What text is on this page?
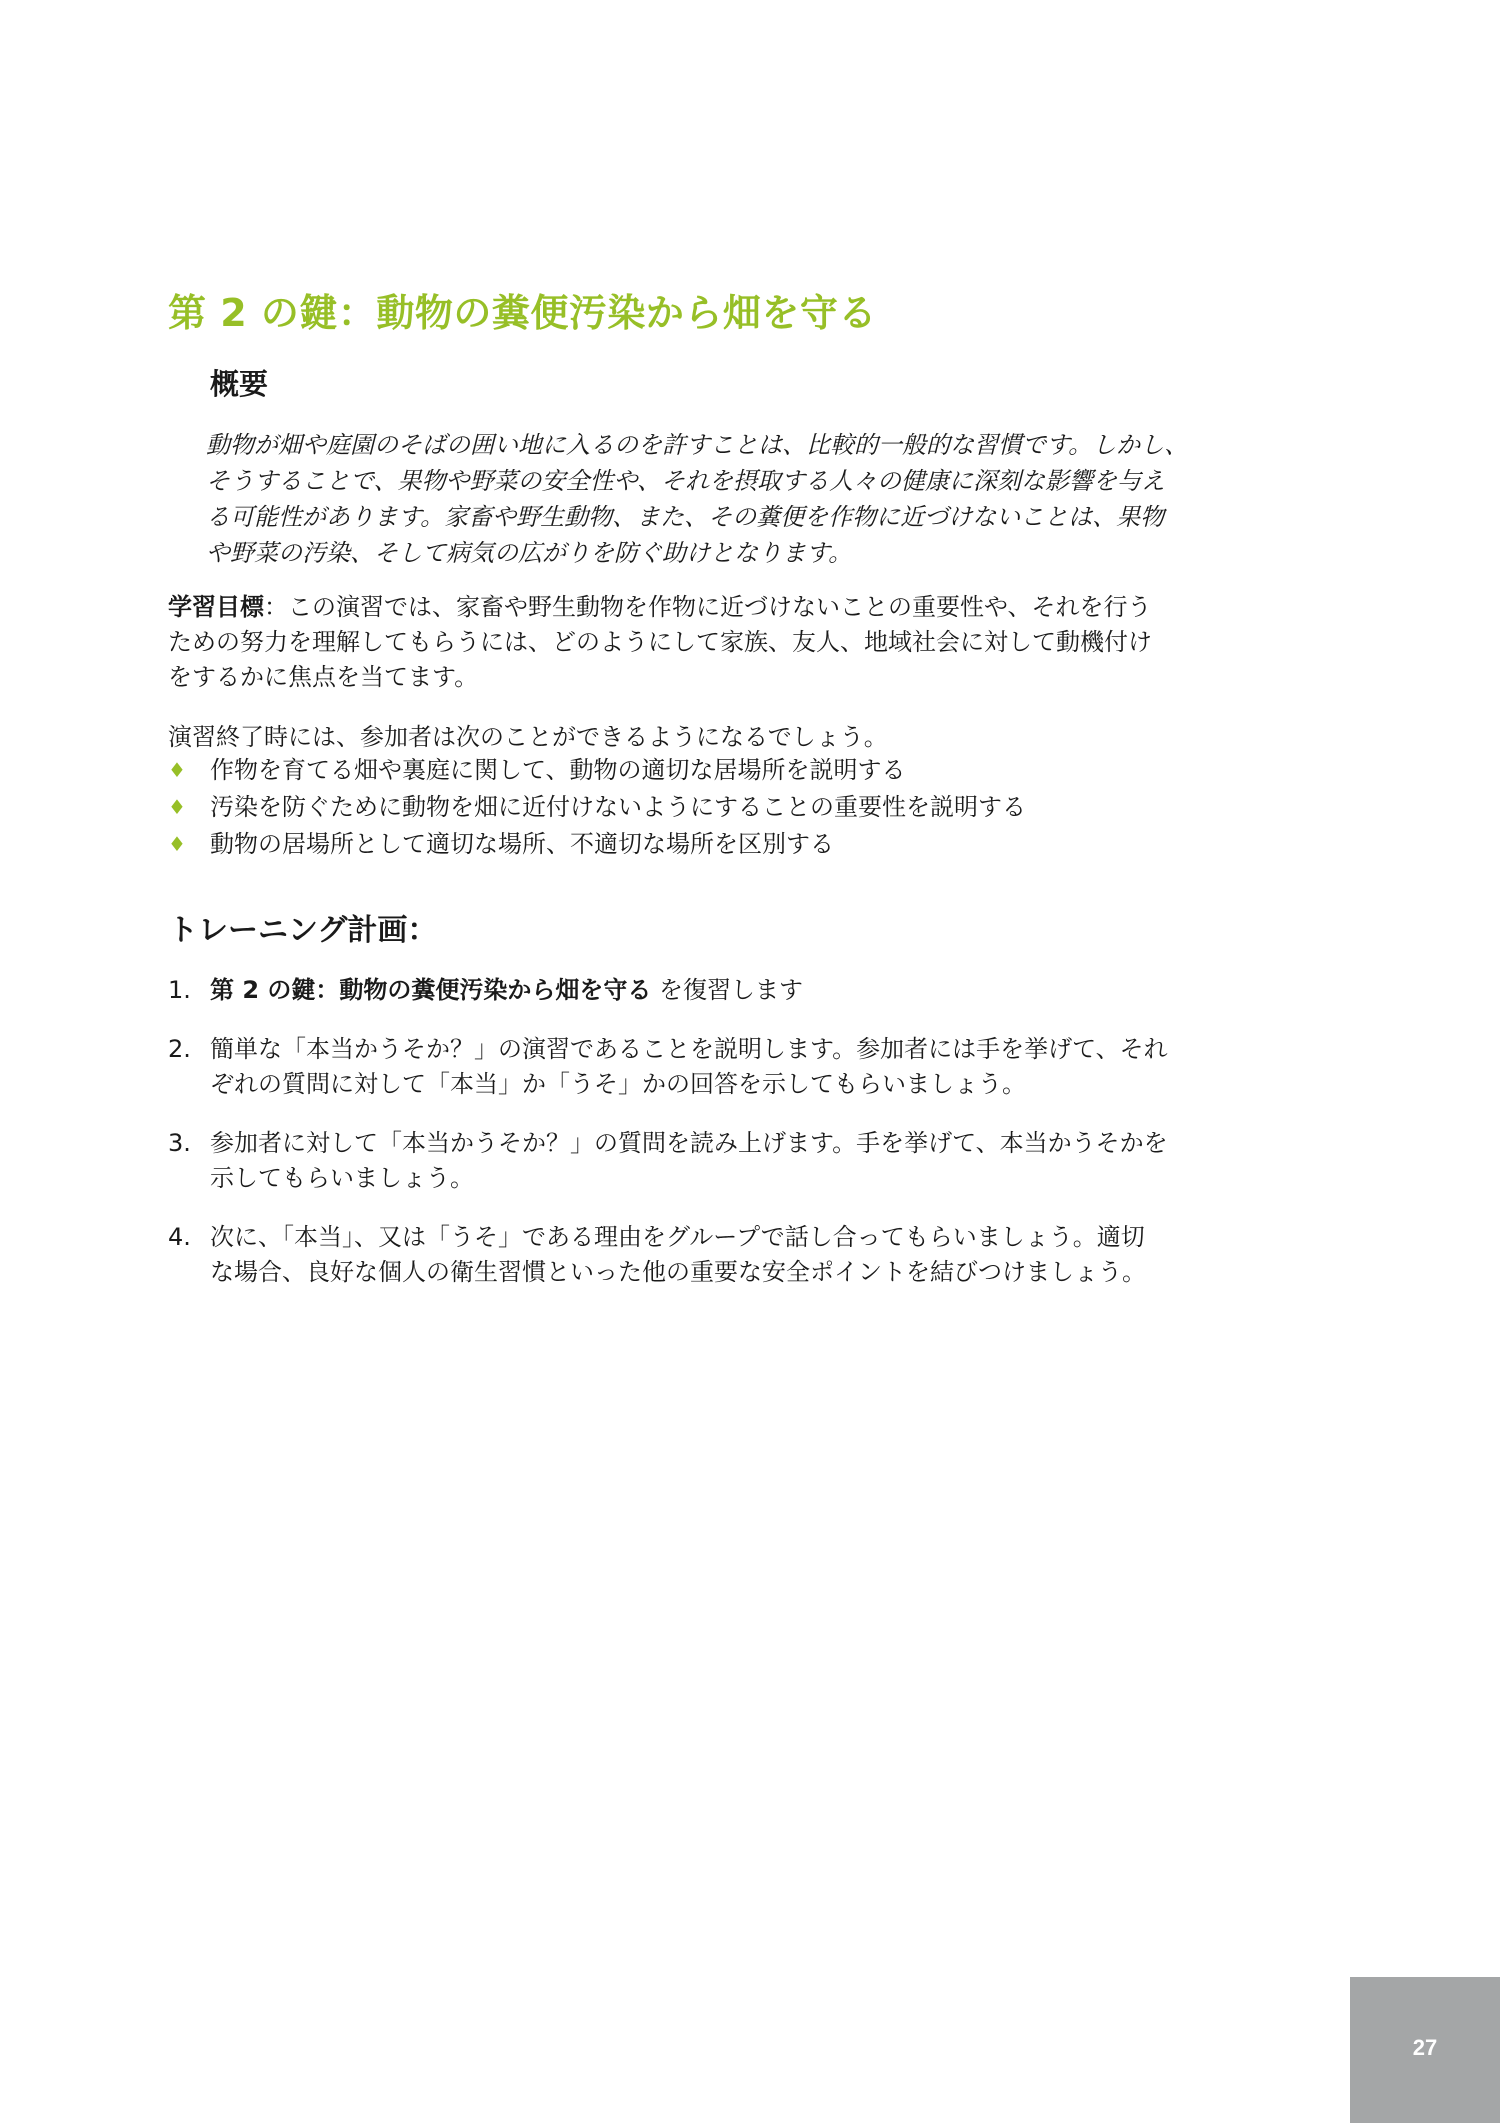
第 2 の鍵：動物の糞便汚染から畑を守る
概要

動物が畑や庭園のそばの囲い地に入るのを許すことは、比較的一般的な習慣です。しかし、
そうすることで、果物や野菜の安全性や、それを摂取する人々の健康に深刻な影響を与え
る可能性があります。家畜や野生動物、また、その糞便を作物に近づけないことは、果物
や野菜の汚染、そして病気の広がりを防ぐ助けとなります。

学習目標：この演習では、家畜や野生動物を作物に近づけないことの重要性や、それを行う
ための努力を理解してもらうには、どのようにして家族、友人、地域社会に対して動機付け
をするかに焦点を当てます。

演習終了時には、参加者は次のことができるようになるでしょう。

♦ 作物を育てる畑や裏庭に関して、動物の適切な居場所を説明する
♦ 汚染を防ぐために動物を畑に近付けないようにすることの重要性を説明する
♦ 動物の居場所として適切な場所、不適切な場所を区別する
トレーニング計画：
1. 第 2 の鍵：動物の糞便汚染から畑を守る を復習します
2. 簡単な「本当かうそか？」の演習であることを説明します。参加者には手を挙げて、それ
ぞれの質問に対して「本当」か「うそ」かの回答を示してもらいましょう。
3. 参加者に対して「本当かうそか？」の質問を読み上げます。手を挙げて、本当かうそかを
示してもらいましょう。
4. 次に、「本当」、又は「うそ」である理由をグループで話し合ってもらいましょう。適切
な場合、良好な個人の衛生習慣といった他の重要な安全ポイントを結びつけましょう。
27
